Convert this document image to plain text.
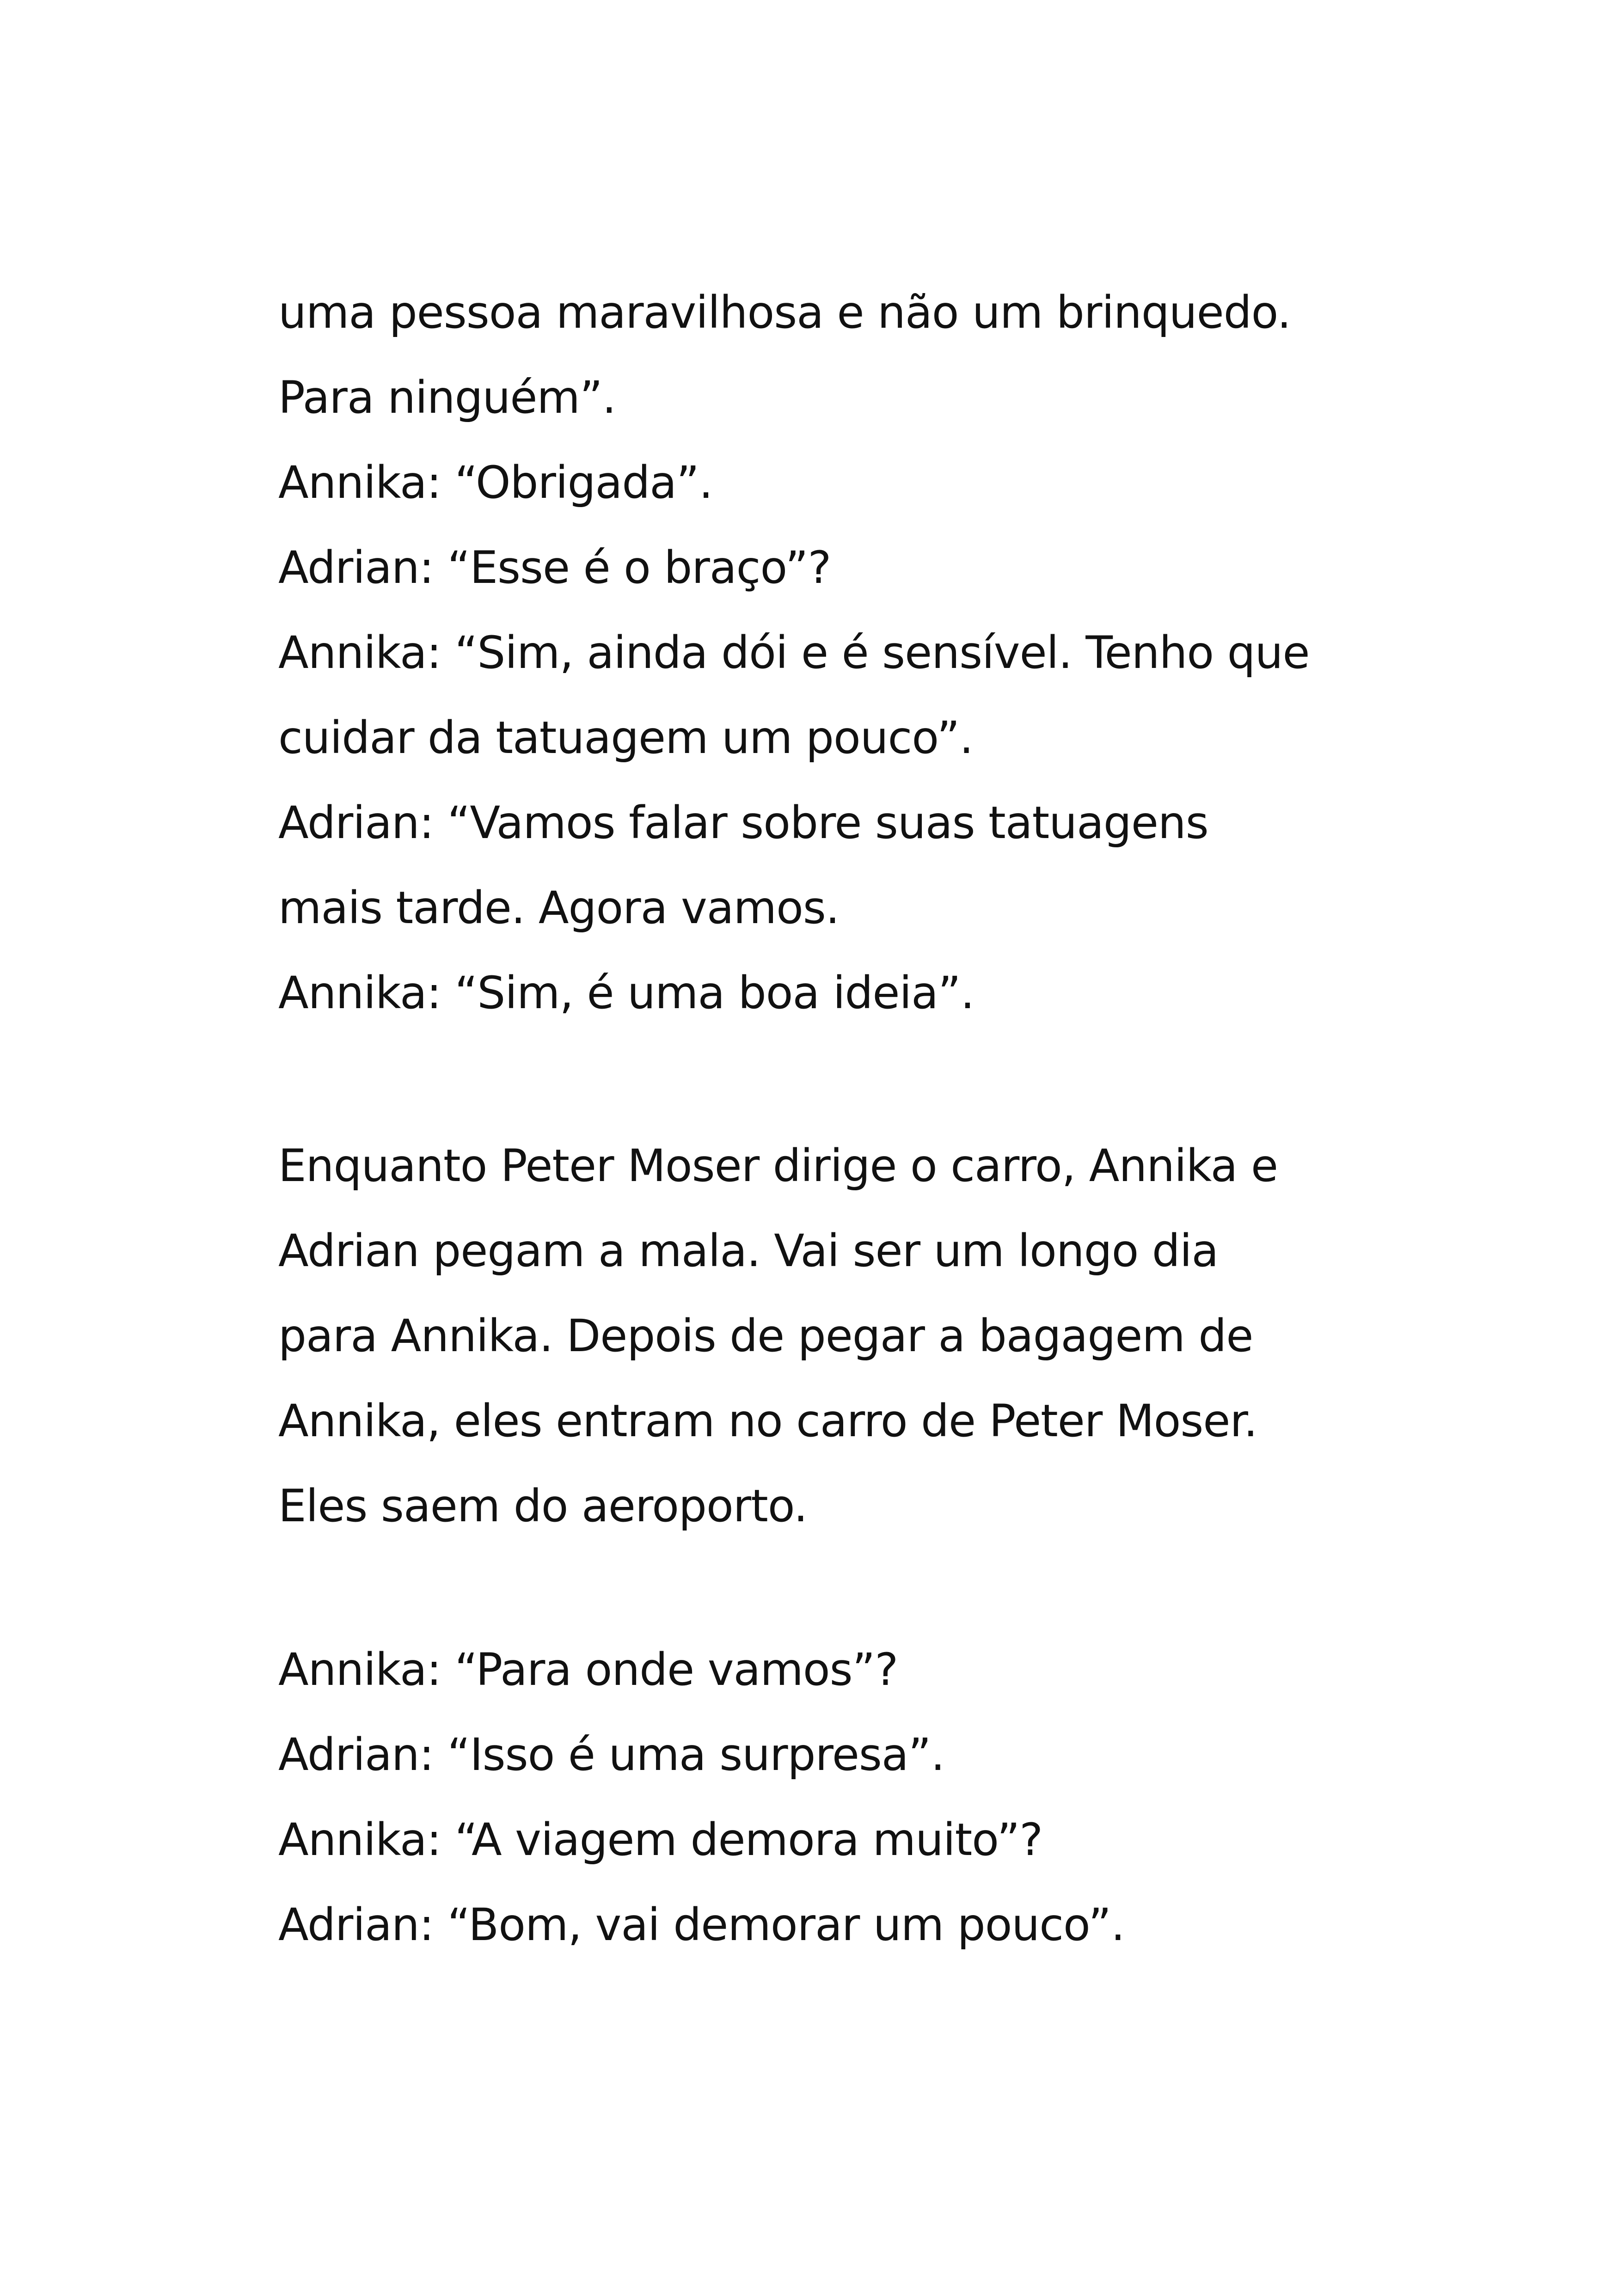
uma pessoa maravilhosa e não um brinquedo.
Para ninguém”.
Annika: “Obrigada”.
Adrian: “Esse é o braço”?
Annika: “Sim, ainda dói e é sensível. Tenho que
cuidar da tatuagem um pouco”.
Adrian: “Vamos falar sobre suas tatuagens
mais tarde. Agora vamos.
Annika: “Sim, é uma boa ideia”.
Enquanto Peter Moser dirige o carro, Annika e
Adrian pegam a mala. Vai ser um longo dia
para Annika. Depois de pegar a bagagem de
Annika, eles entram no carro de Peter Moser.
Eles saem do aeroporto.
Annika: “Para onde vamos”?
Adrian: “Isso é uma surpresa”.
Annika: “A viagem demora muito”?
Adrian: “Bom, vai demorar um pouco”.
